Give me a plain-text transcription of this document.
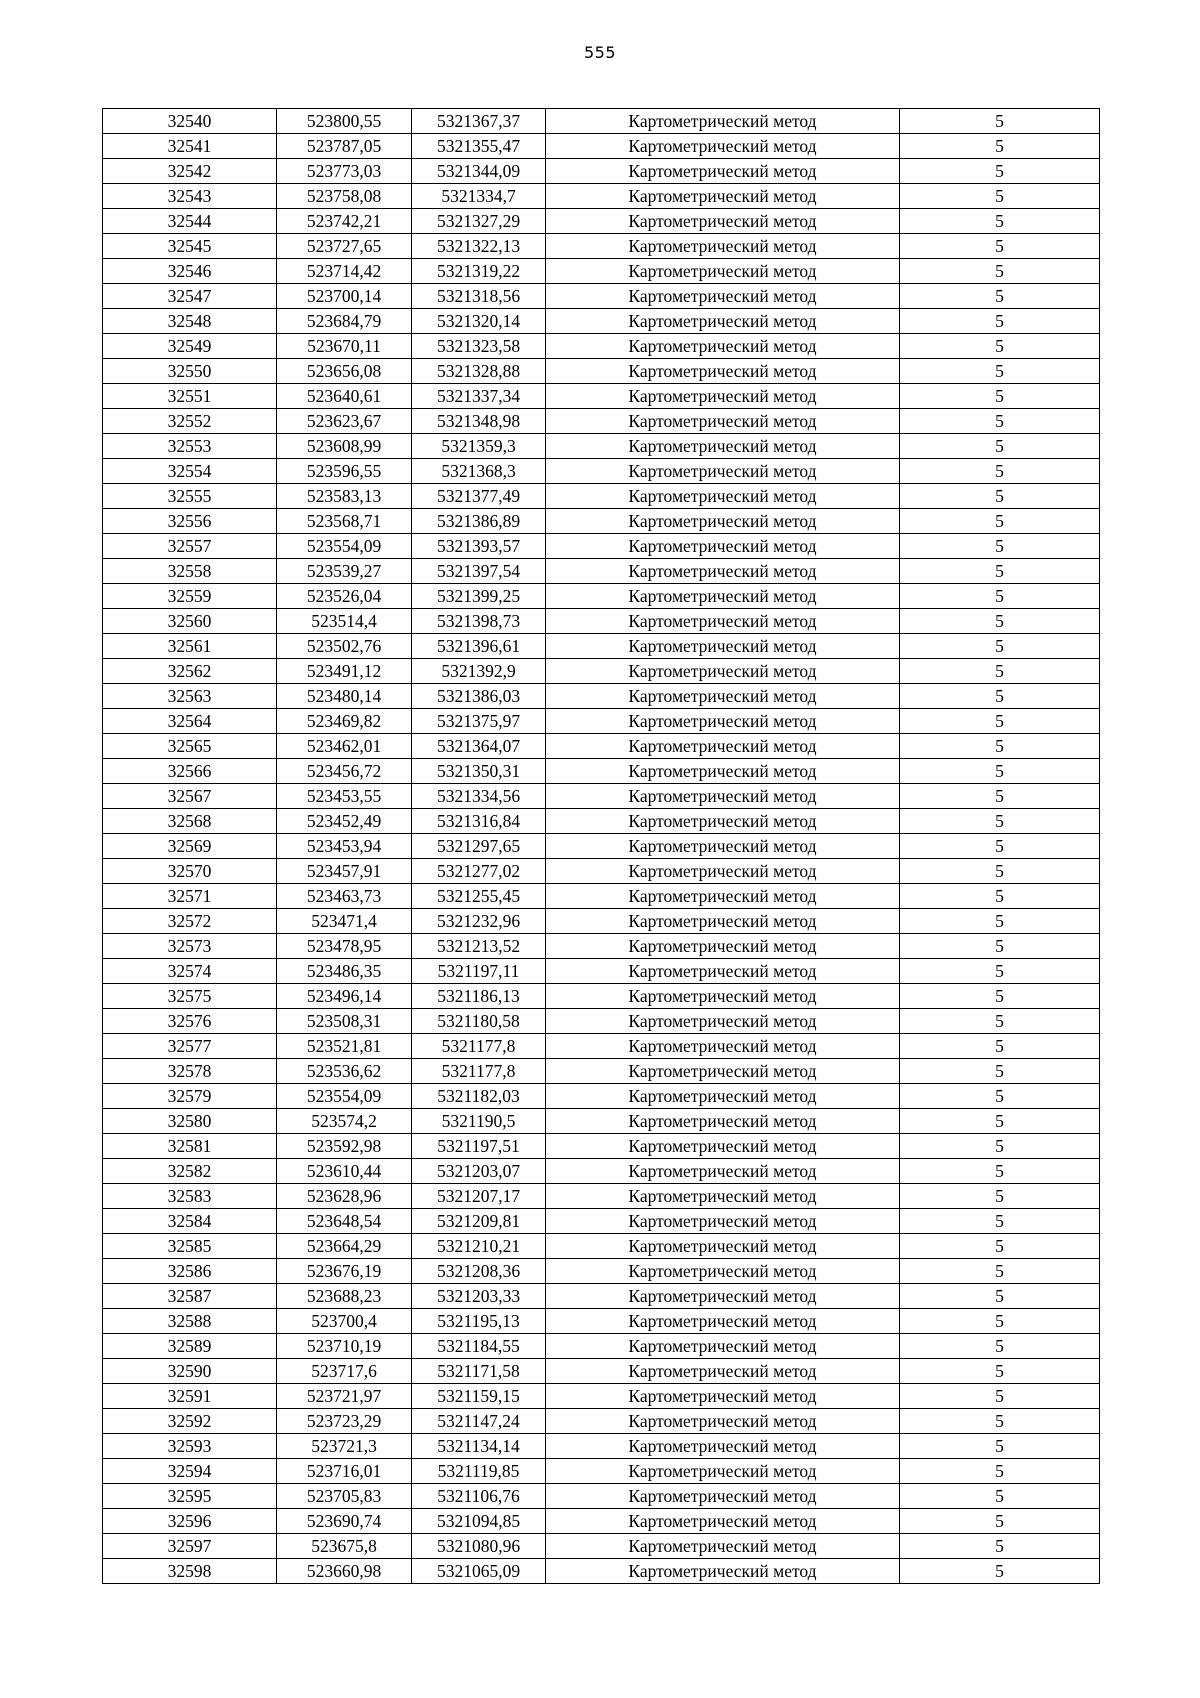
555
32540	523800,55	5321367,37	Картометрический метод	5
32541	523787,05	5321355,47	Картометрический метод	5
32542	523773,03	5321344,09	Картометрический метод	5
32543	523758,08	5321334,7	Картометрический метод	5
32544	523742,21	5321327,29	Картометрический метод	5
32545	523727,65	5321322,13	Картометрический метод	5
32546	523714,42	5321319,22	Картометрический метод	5
32547	523700,14	5321318,56	Картометрический метод	5
32548	523684,79	5321320,14	Картометрический метод	5
32549	523670,11	5321323,58	Картометрический метод	5
32550	523656,08	5321328,88	Картометрический метод	5
32551	523640,61	5321337,34	Картометрический метод	5
32552	523623,67	5321348,98	Картометрический метод	5
32553	523608,99	5321359,3	Картометрический метод	5
32554	523596,55	5321368,3	Картометрический метод	5
32555	523583,13	5321377,49	Картометрический метод	5
32556	523568,71	5321386,89	Картометрический метод	5
32557	523554,09	5321393,57	Картометрический метод	5
32558	523539,27	5321397,54	Картометрический метод	5
32559	523526,04	5321399,25	Картометрический метод	5
32560	523514,4	5321398,73	Картометрический метод	5
32561	523502,76	5321396,61	Картометрический метод	5
32562	523491,12	5321392,9	Картометрический метод	5
32563	523480,14	5321386,03	Картометрический метод	5
32564	523469,82	5321375,97	Картометрический метод	5
32565	523462,01	5321364,07	Картометрический метод	5
32566	523456,72	5321350,31	Картометрический метод	5
32567	523453,55	5321334,56	Картометрический метод	5
32568	523452,49	5321316,84	Картометрический метод	5
32569	523453,94	5321297,65	Картометрический метод	5
32570	523457,91	5321277,02	Картометрический метод	5
32571	523463,73	5321255,45	Картометрический метод	5
32572	523471,4	5321232,96	Картометрический метод	5
32573	523478,95	5321213,52	Картометрический метод	5
32574	523486,35	5321197,11	Картометрический метод	5
32575	523496,14	5321186,13	Картометрический метод	5
32576	523508,31	5321180,58	Картометрический метод	5
32577	523521,81	5321177,8	Картометрический метод	5
32578	523536,62	5321177,8	Картометрический метод	5
32579	523554,09	5321182,03	Картометрический метод	5
32580	523574,2	5321190,5	Картометрический метод	5
32581	523592,98	5321197,51	Картометрический метод	5
32582	523610,44	5321203,07	Картометрический метод	5
32583	523628,96	5321207,17	Картометрический метод	5
32584	523648,54	5321209,81	Картометрический метод	5
32585	523664,29	5321210,21	Картометрический метод	5
32586	523676,19	5321208,36	Картометрический метод	5
32587	523688,23	5321203,33	Картометрический метод	5
32588	523700,4	5321195,13	Картометрический метод	5
32589	523710,19	5321184,55	Картометрический метод	5
32590	523717,6	5321171,58	Картометрический метод	5
32591	523721,97	5321159,15	Картометрический метод	5
32592	523723,29	5321147,24	Картометрический метод	5
32593	523721,3	5321134,14	Картометрический метод	5
32594	523716,01	5321119,85	Картометрический метод	5
32595	523705,83	5321106,76	Картометрический метод	5
32596	523690,74	5321094,85	Картометрический метод	5
32597	523675,8	5321080,96	Картометрический метод	5
32598	523660,98	5321065,09	Картометрический метод	5
